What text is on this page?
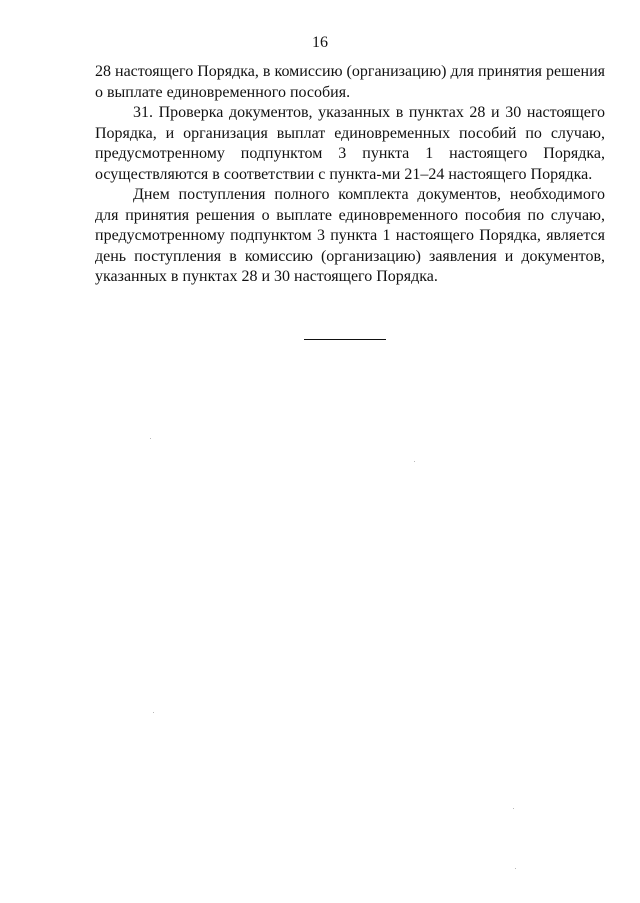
16

28 настоящего Порядка, в комиссию (организацию) для принятия решения о выплате единовременного пособия.

31. Проверка документов, указанных в пунктах 28 и 30 настоящего Порядка, и организация выплат единовременных пособий по случаю, предусмотренному подпунктом 3 пункта 1 настоящего Порядка, осуществляются в соответствии с пункта-ми 21–24 настоящего Порядка.

Днем поступления полного комплекта документов, необходимого для принятия решения о выплате единовременного пособия по случаю, предусмотренному подпунктом 3 пункта 1 настоящего Порядка, является день поступления в комиссию (организацию) заявления и документов, указанных в пунктах 28 и 30 настоящего Порядка.
